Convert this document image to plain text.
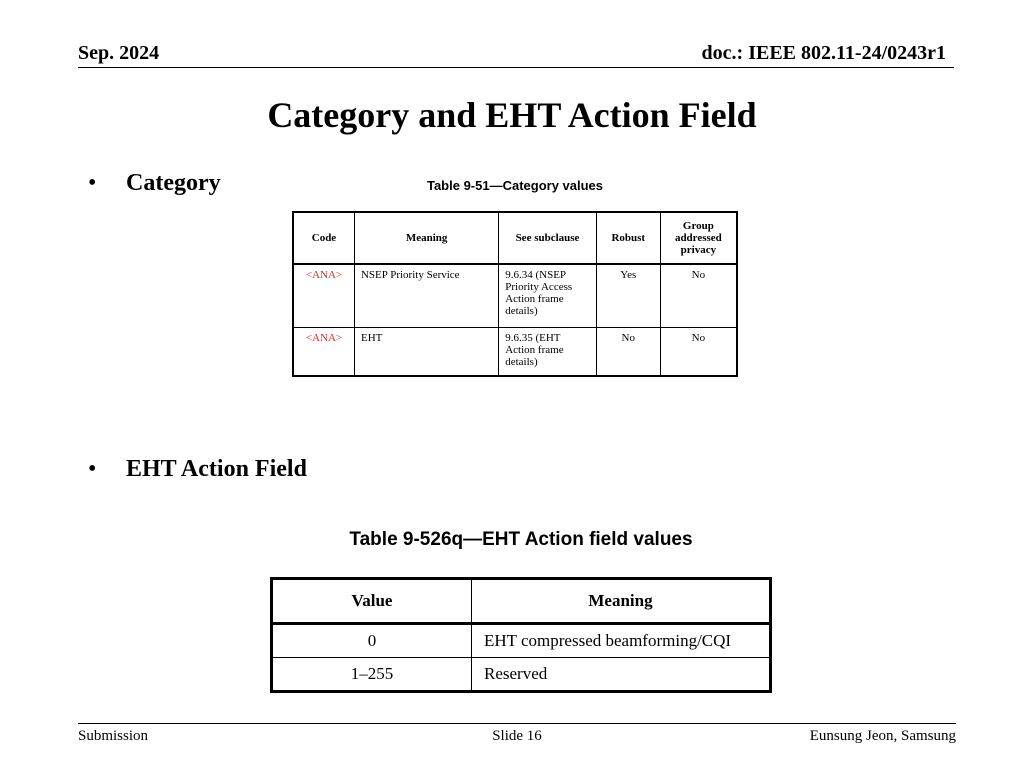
Sep. 2024	doc.: IEEE 802.11-24/0243r1
Category and EHT Action Field
• Category	Table 9-51—Category values
Code	Meaning	See subclause	Robust	Group addressed privacy
<ANA>	NSEP Priority Service	9.6.34 (NSEP Priority Access Action frame details)	Yes	No
<ANA>	EHT	9.6.35 (EHT Action frame details)	No	No
• EHT Action Field
Table 9-526q—EHT Action field values
Value	Meaning
0	EHT compressed beamforming/CQI
1–255	Reserved
Submission	Slide 16	Eunsung Jeon, Samsung
